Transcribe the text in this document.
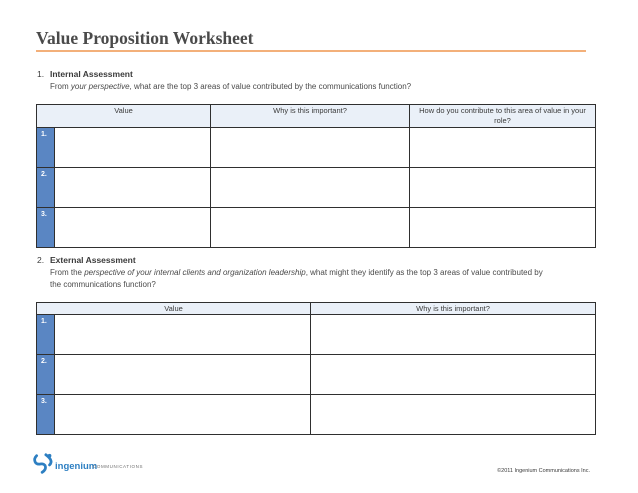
Value Proposition Worksheet
1. Internal Assessment
From your perspective, what are the top 3 areas of value contributed by the communications function?
Value		Why is this important?	How do you contribute to this area of value in your role?
1.			
2.			
3.			
2. External Assessment
From the perspective of your internal clients and organization leadership, what might they identify as the top 3 areas of value contributed by the communications function?
Value		Why is this important?
1.		
2.		
3.		
ingenium
COMMUNICATIONS
©2011 Ingenium Communications Inc.
